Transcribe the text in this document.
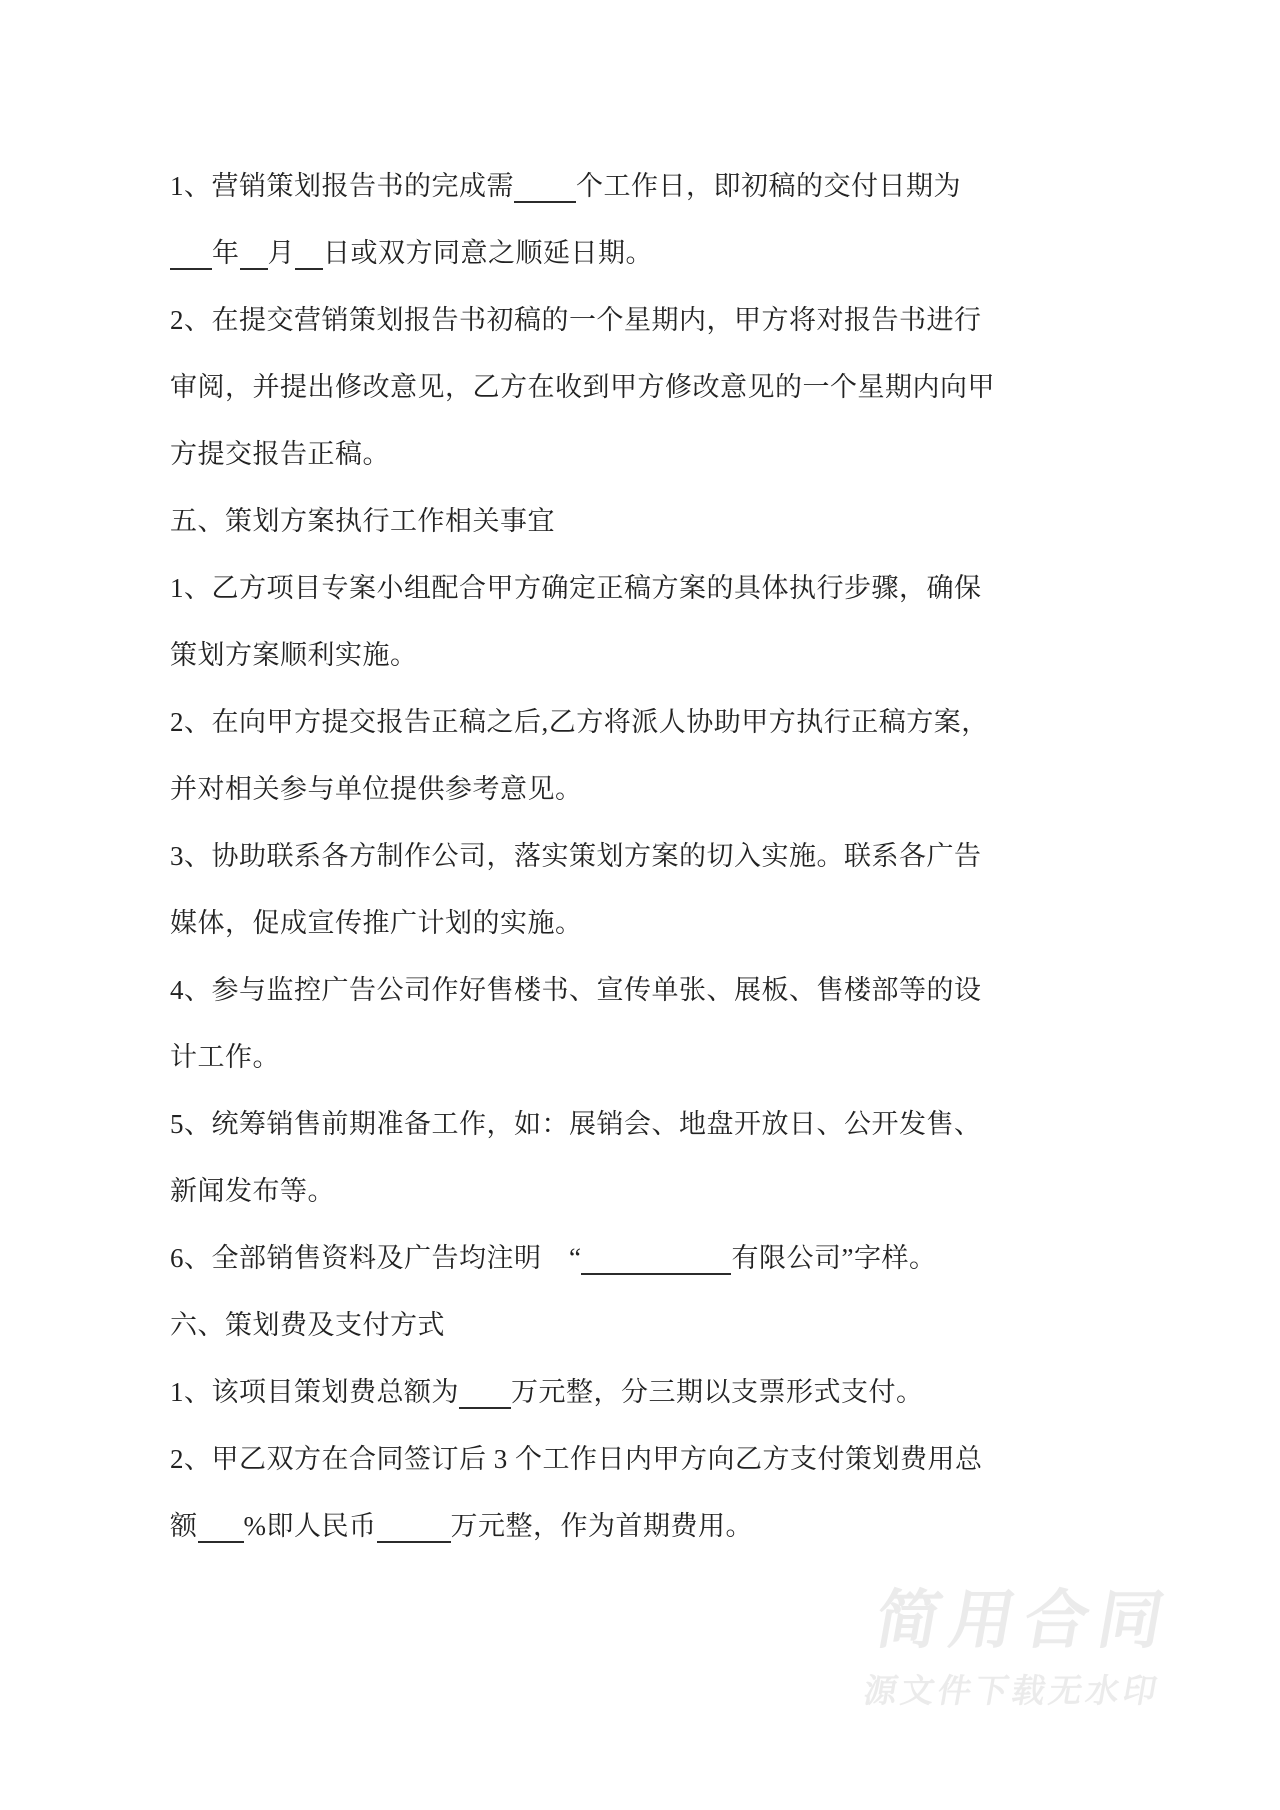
1、营销策划报告书的完成需 个工作日，即初稿的交付日期为
年 月 日或双方同意之顺延日期。
2、在提交营销策划报告书初稿的一个星期内，甲方将对报告书进行
审阅，并提出修改意见，乙方在收到甲方修改意见的一个星期内向甲
方提交报告正稿。
五、策划方案执行工作相关事宜
1、乙方项目专案小组配合甲方确定正稿方案的具体执行步骤，确保
策划方案顺利实施。
2、在向甲方提交报告正稿之后,乙方将派人协助甲方执行正稿方案，
并对相关参与单位提供参考意见。
3、协助联系各方制作公司，落实策划方案的切入实施。联系各广告
媒体，促成宣传推广计划的实施。
4、参与监控广告公司作好售楼书、宣传单张、展板、售楼部等的设
计工作。
5、统筹销售前期准备工作，如：展销会、地盘开放日、公开发售、
新闻发布等。
6、全部销售资料及广告均注明　“	有限公司”字样。
六、策划费及支付方式
1、该项目策划费总额为 万元整，分三期以支票形式支付。
2、甲乙双方在合同签订后 3 个工作日内甲方向乙方支付策划费用总
额 %即人民币	万元整，作为首期费用。
简用合同
源文件下载无水印
